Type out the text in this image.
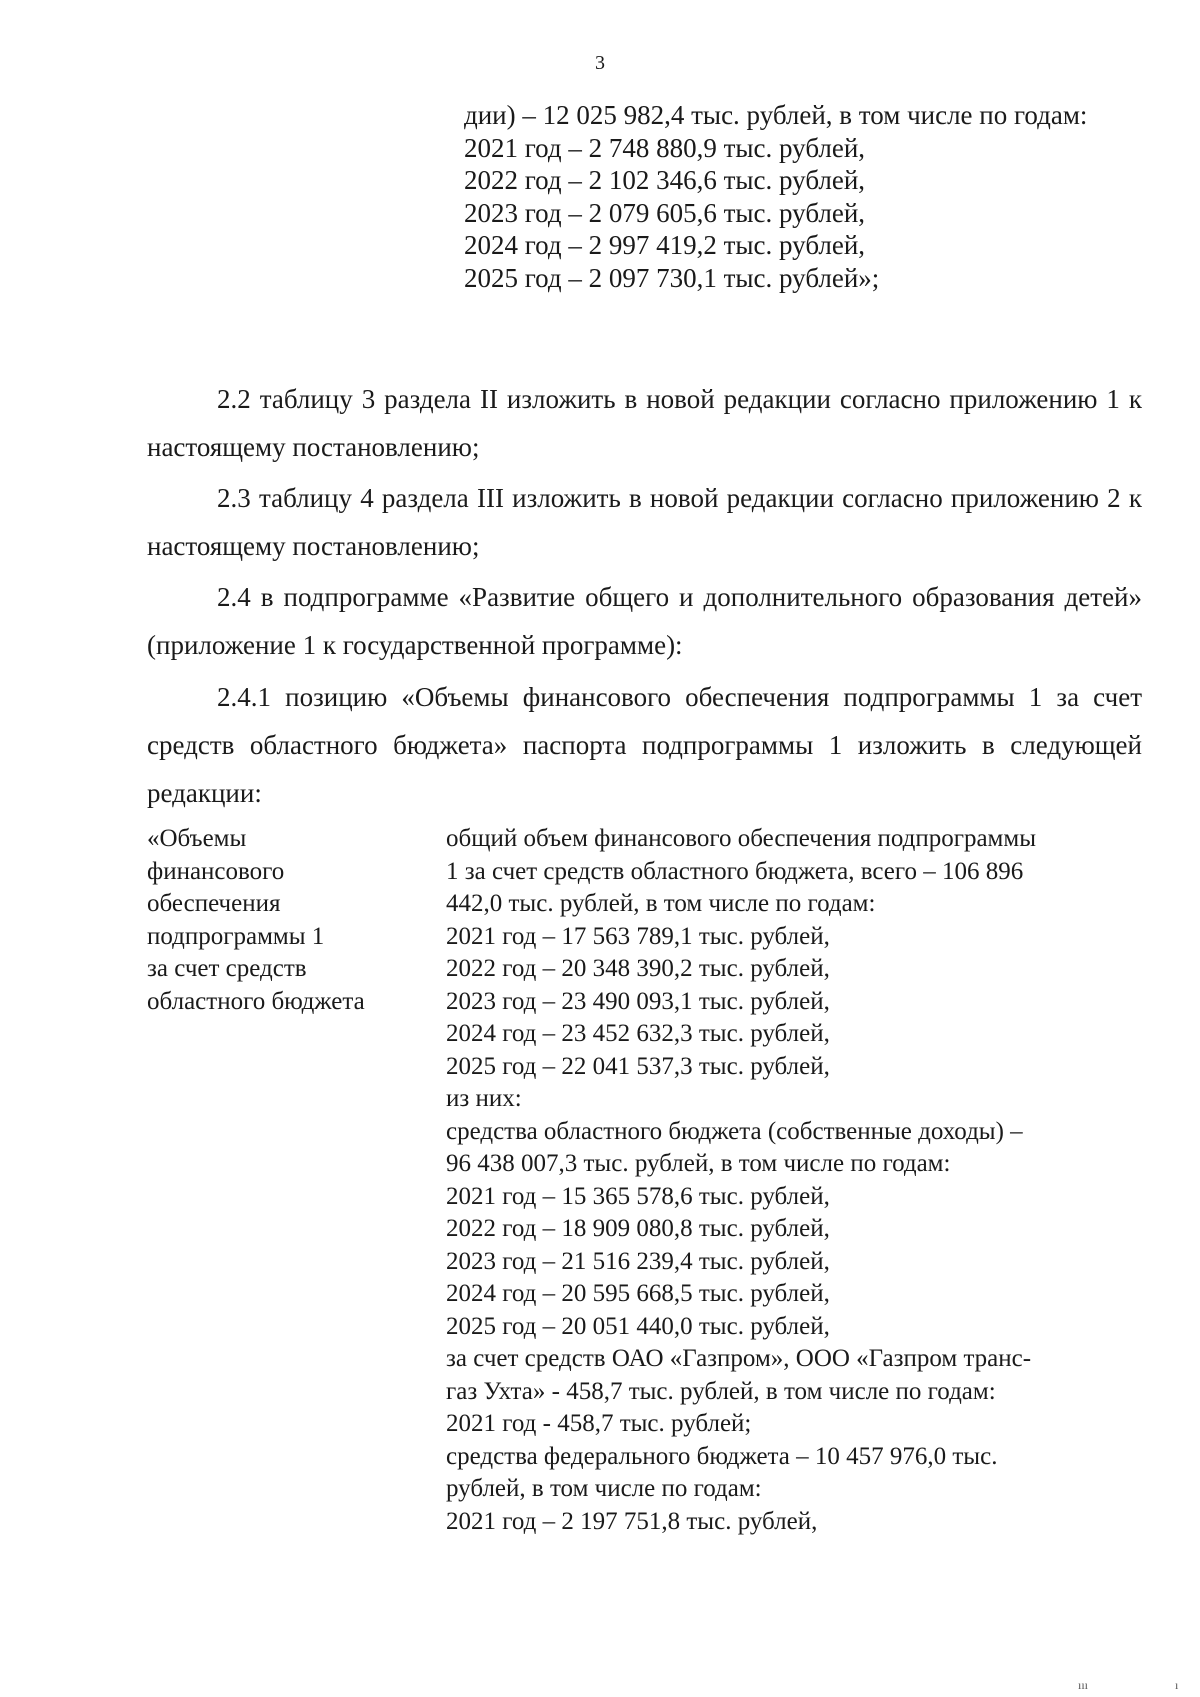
3
дии) – 12 025 982,4 тыс. рублей, в том числе по годам:
2021 год – 2 748 880,9 тыс. рублей,
2022 год – 2 102 346,6 тыс. рублей,
2023 год – 2 079 605,6 тыс. рублей,
2024 год – 2 997 419,2 тыс. рублей,
2025 год – 2 097 730,1 тыс. рублей»;
2.2 таблицу 3 раздела II изложить в новой редакции согласно приложению 1 к настоящему постановлению;
2.3 таблицу 4 раздела III изложить в новой редакции согласно приложению 2 к настоящему постановлению;
2.4 в подпрограмме «Развитие общего и дополнительного образования детей» (приложение 1 к государственной программе):
2.4.1 позицию «Объемы финансового обеспечения подпрограммы 1 за счет средств областного бюджета» паспорта подпрограммы 1 изложить в следующей редакции:
«Объемы
финансового
обеспечения
подпрограммы 1
за счет средств
областного бюджета
общий объем финансового обеспечения подпрограммы
1 за счет средств областного бюджета, всего – 106 896
442,0 тыс. рублей, в том числе по годам:
2021 год – 17 563 789,1 тыс. рублей,
2022 год – 20 348 390,2 тыс. рублей,
2023 год – 23 490 093,1 тыс. рублей,
2024 год – 23 452 632,3 тыс. рублей,
2025 год – 22 041 537,3 тыс. рублей,
из них:
средства областного бюджета (собственные доходы) –
96 438 007,3 тыс. рублей, в том числе по годам:
2021 год – 15 365 578,6 тыс. рублей,
2022 год – 18 909 080,8 тыс. рублей,
2023 год – 21 516 239,4 тыс. рублей,
2024 год – 20 595 668,5 тыс. рублей,
2025 год – 20 051 440,0 тыс. рублей,
за счет средств ОАО «Газпром», ООО «Газпром транс-
газ Ухта» - 458,7 тыс. рублей, в том числе по годам:
2021 год - 458,7 тыс. рублей;
средства федерального бюджета – 10 457 976,0 тыс.
рублей, в том числе по годам:
2021 год – 2 197 751,8 тыс. рублей,
ııı	ı
